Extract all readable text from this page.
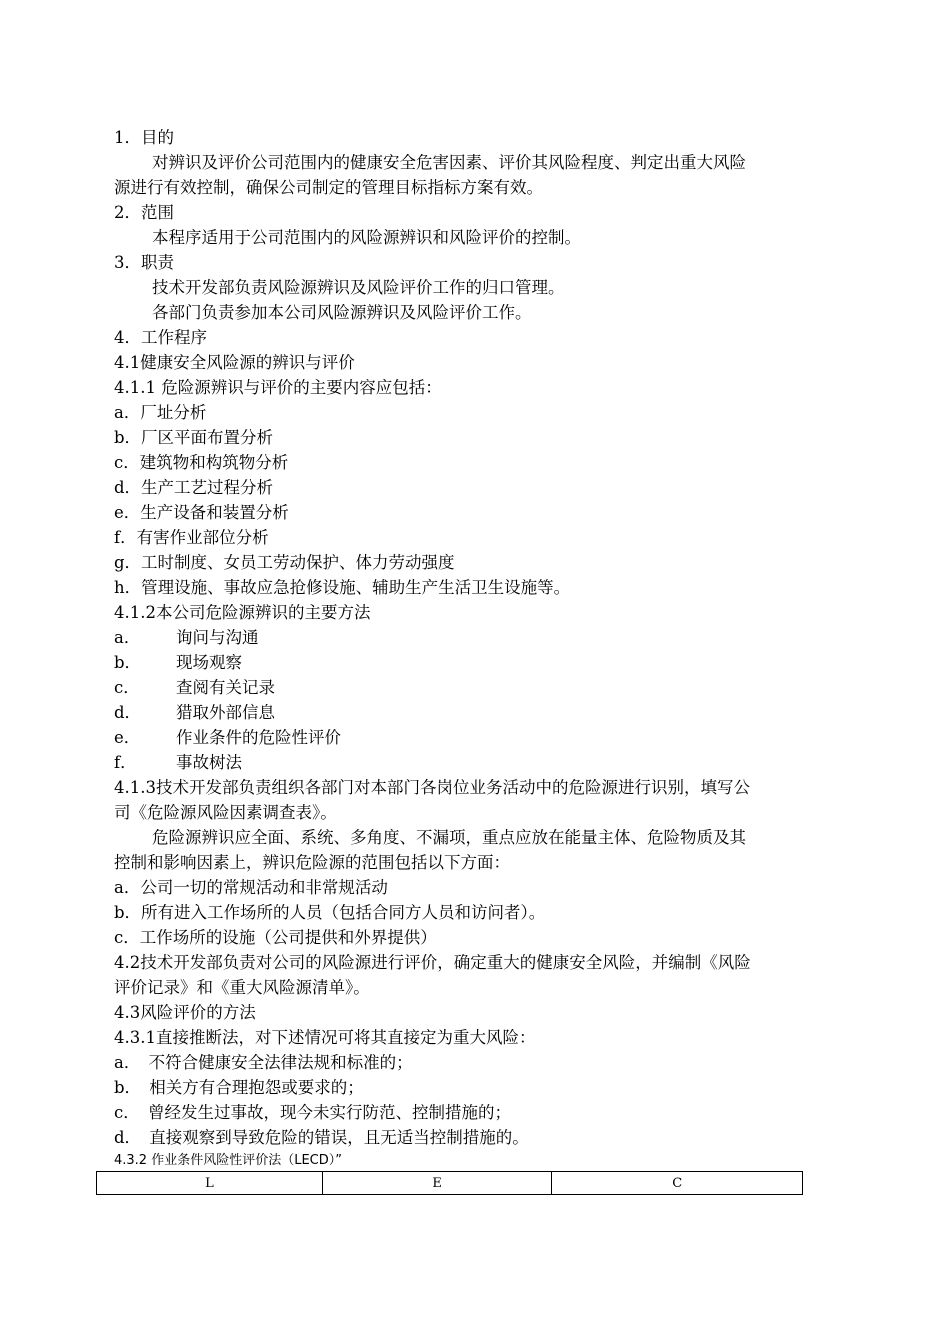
1．目的
对辨识及评价公司范围内的健康安全危害因素、评价其风险程度、判定出重大风险
源进行有效控制，确保公司制定的管理目标指标方案有效。
2．范围
本程序适用于公司范围内的风险源辨识和风险评价的控制。
3．职责
技术开发部负责风险源辨识及风险评价工作的归口管理。
各部门负责参加本公司风险源辨识及风险评价工作。
4．工作程序
4.1健康安全风险源的辨识与评价
4.1.1 危险源辨识与评价的主要内容应包括：
a．厂址分析
b．厂区平面布置分析
c．建筑物和构筑物分析
d．生产工艺过程分析
e．生产设备和装置分析
f．有害作业部位分析
g．工时制度、女员工劳动保护、体力劳动强度
h．管理设施、事故应急抢修设施、辅助生产生活卫生设施等。
4.1.2本公司危险源辨识的主要方法
a． 询问与沟通
b． 现场观察
c． 查阅有关记录
d． 猎取外部信息
e． 作业条件的危险性评价
f． 事故树法
4.1.3技术开发部负责组织各部门对本部门各岗位业务活动中的危险源进行识别，填写公
司《危险源风险因素调查表》。
危险源辨识应全面、系统、多角度、不漏项，重点应放在能量主体、危险物质及其
控制和影响因素上，辨识危险源的范围包括以下方面：
a．公司一切的常规活动和非常规活动
b．所有进入工作场所的人员（包括合同方人员和访问者）。
c．工作场所的设施（公司提供和外界提供）
4.2技术开发部负责对公司的风险源进行评价，确定重大的健康安全风险，并编制《风险
评价记录》和《重大风险源清单》。
4.3风险评价的方法
4.3.1直接推断法，对下述情况可将其直接定为重大风险：
a．　不符合健康安全法律法规和标准的；
b．　相关方有合理抱怨或要求的；
c．　曾经发生过事故，现今未实行防范、控制措施的；
d．　直接观察到导致危险的错误，且无适当控制措施的。
4.3.2 作业条件风险性评价法（LECD）”
L	E	C
